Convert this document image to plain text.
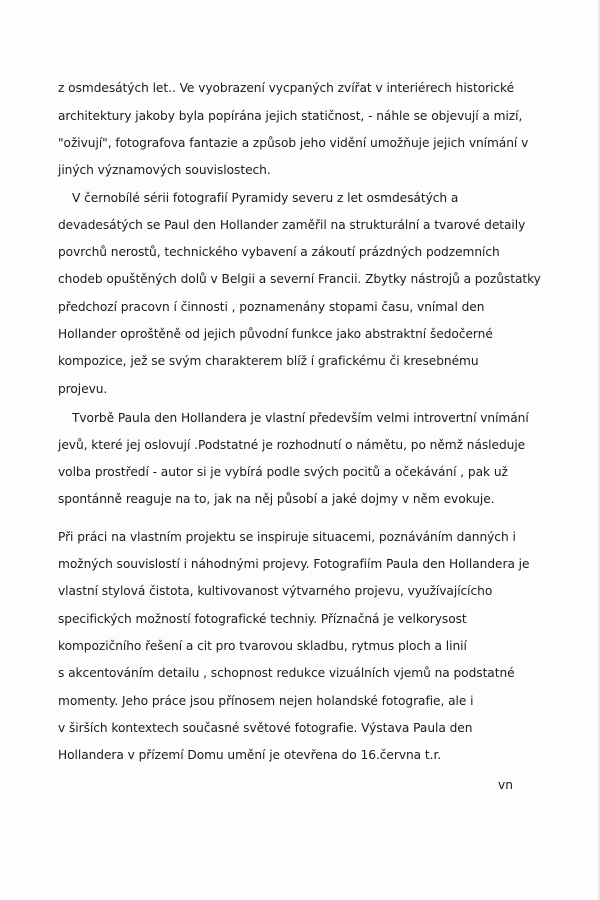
z osmdesátých let.. Ve vyobrazení vycpaných zvířat v interiérech historické
architektury jakoby byla popírána jejich statičnost, - náhle se objevují a mizí,
"oživují", fotografova fantazie a způsob jeho vidění umožňuje jejich vnímání v
jiných významových souvislostech.
V černobílé sérii fotografií Pyramidy severu z let osmdesátých a
devadesátých se Paul den Hollander zaměřil na strukturální a tvarové detaily
povrchů nerostů, technického vybavení a zákoutí prázdných podzemních
chodeb opuštěných dolů v Belgii a severní Francii. Zbytky nástrojů a pozůstatky
předchozí pracovn í činnosti , poznamenány stopami času, vnímal den
Hollander oproštěně od jejich původní funkce jako abstraktní šedočerné
kompozice, jež se svým charakterem blíž í grafickému či kresebnému
projevu.
Tvorbě Paula den Hollandera je vlastní především velmi introvertní vnímání
jevů, které jej oslovují .Podstatné je rozhodnutí o námětu, po němž následuje
volba prostředí - autor si je vybírá podle svých pocitů a očekávání , pak už
spontánně reaguje na to, jak na něj působí a jaké dojmy v něm evokuje.
Při práci na vlastním projektu se inspiruje situacemi, poznáváním danných i
možných souvislostí i náhodnými projevy. Fotografiím Paula den Hollandera je
vlastní stylová čistota, kultivovanost výtvarného projevu, využívajícícho
specifických možností fotografické techniy. Příznačná je velkorysost
kompozičního řešení a cit pro tvarovou skladbu, rytmus ploch a linií
s akcentováním detailu , schopnost redukce vizuálních vjemů na podstatné
momenty. Jeho práce jsou přínosem nejen holandské fotografie, ale i
v širších kontextech současné světové fotografie. Výstava Paula den
Hollandera v přízemí Domu umění je otevřena do 16.června t.r.
vn
